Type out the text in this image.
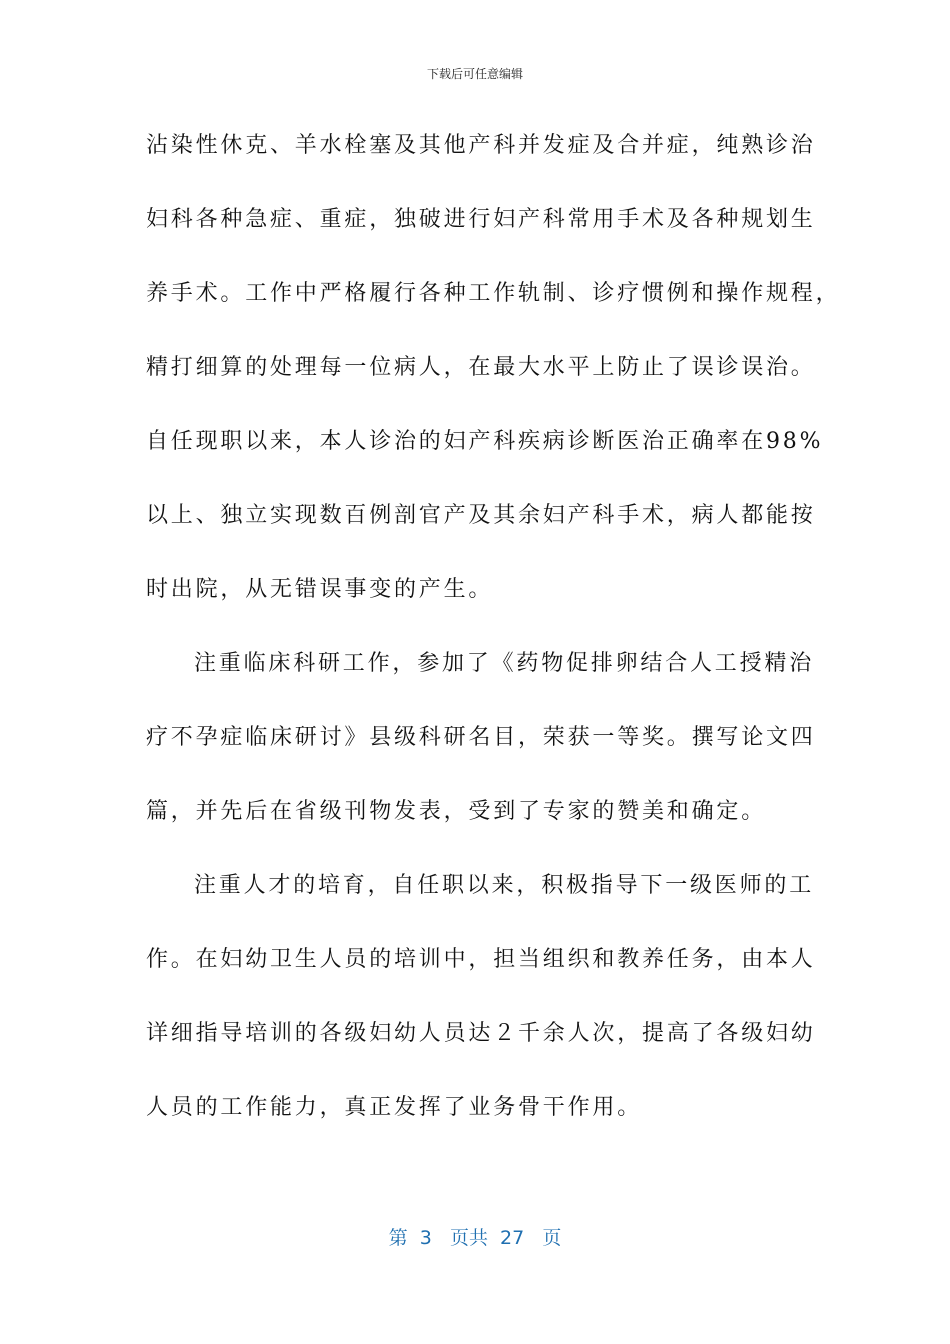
下载后可任意编辑
沾染性休克、羊水栓塞及其他产科并发症及合并症，纯熟诊治
妇科各种急症、重症，独破进行妇产科常用手术及各种规划生
养手术。工作中严格履行各种工作轨制、诊疗惯例和操作规程，
精打细算的处理每一位病人，在最大水平上防止了误诊误治。
自任现职以来，本人诊治的妇产科疾病诊断医治正确率在98%
以上、独立实现数百例剖官产及其余妇产科手术，病人都能按
时出院，从无错误事变的产生。
注重临床科研工作，参加了《药物促排卵结合人工授精治
疗不孕症临床研讨》县级科研名目，荣获一等奖。撰写论文四
篇，并先后在省级刊物发表，受到了专家的赞美和确定。
注重人才的培育，自任职以来，积极指导下一级医师的工
作。在妇幼卫生人员的培训中，担当组织和教养任务，由本人
详细指导培训的各级妇幼人员达２千余人次，提高了各级妇幼
人员的工作能力，真正发挥了业务骨干作用。
第 3 页共 27 页
